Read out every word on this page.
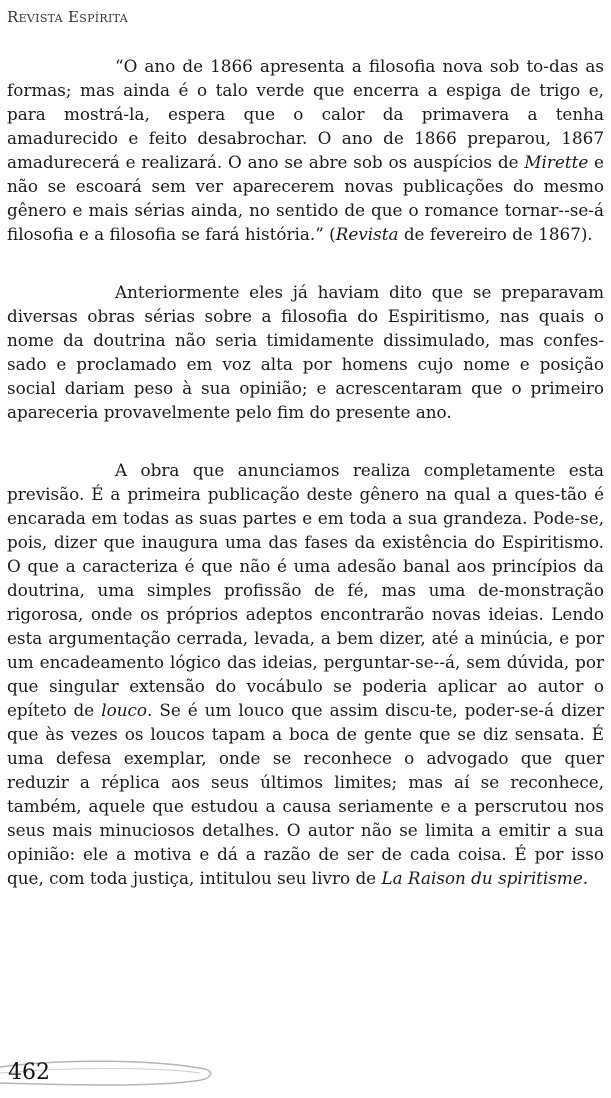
Revista Espírita

“O ano de 1866 apresenta a filosofia nova sob to-das as formas; mas ainda é o talo verde que encerra a espiga de trigo e, para mostrá-la, espera que o calor da primavera a tenha amadurecido e feito desabrochar. O ano de 1866 preparou, 1867 amadurecerá e realizará. O ano se abre sob os auspícios de Mirette e não se escoará sem ver aparecerem novas publicações do mesmo gênero e mais sérias ainda, no sentido de que o romance tornar--se-á filosofia e a filosofia se fará história.” (Revista de fevereiro de 1867).

Anteriormente eles já haviam dito que se preparavam diversas obras sérias sobre a filosofia do Espiritismo, nas quais o nome da doutrina não seria timidamente dissimulado, mas confes-sado e proclamado em voz alta por homens cujo nome e posição social dariam peso à sua opinião; e acrescentaram que o primeiro apareceria provavelmente pelo fim do presente ano.

A obra que anunciamos realiza completamente esta previsão. É a primeira publicação deste gênero na qual a ques-tão é encarada em todas as suas partes e em toda a sua grandeza. Pode-se, pois, dizer que inaugura uma das fases da existência do Espiritismo. O que a caracteriza é que não é uma adesão banal aos princípios da doutrina, uma simples profissão de fé, mas uma de-monstração rigorosa, onde os próprios adeptos encontrarão novas ideias. Lendo esta argumentação cerrada, levada, a bem dizer, até a minúcia, e por um encadeamento lógico das ideias, perguntar-se--á, sem dúvida, por que singular extensão do vocábulo se poderia aplicar ao autor o epíteto de louco. Se é um louco que assim discu-te, poder-se-á dizer que às vezes os loucos tapam a boca de gente que se diz sensata. É uma defesa exemplar, onde se reconhece o advogado que quer reduzir a réplica aos seus últimos limites; mas aí se reconhece, também, aquele que estudou a causa seriamente e a perscrutou nos seus mais minuciosos detalhes. O autor não se limita a emitir a sua opinião: ele a motiva e dá a razão de ser de cada coisa. É por isso que, com toda justiça, intitulou seu livro de La Raison du spiritisme.

462
